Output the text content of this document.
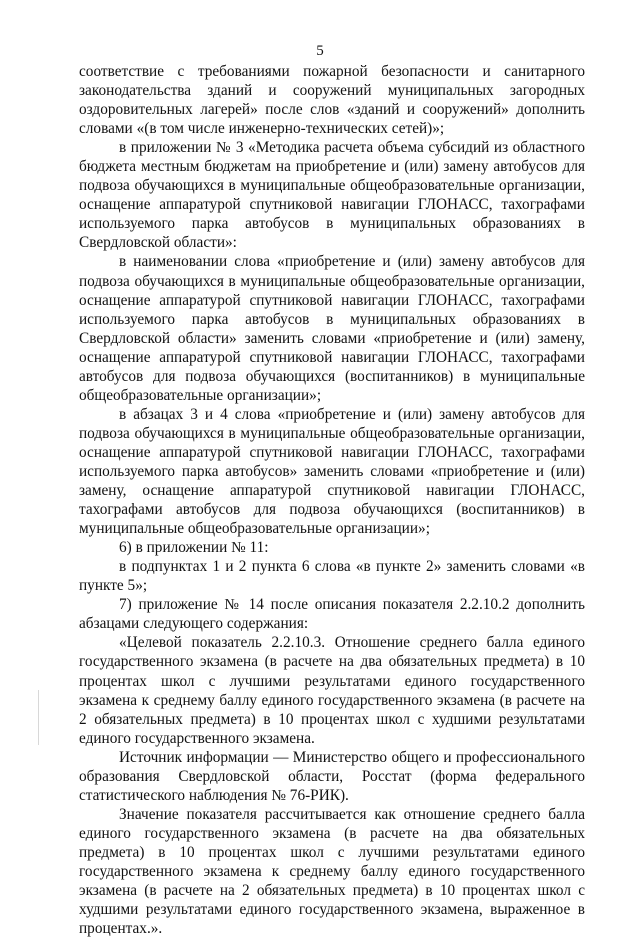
5

соответствие с требованиями пожарной безопасности и санитарного законодательства зданий и сооружений муниципальных загородных оздоровительных лагерей» после слов «зданий и сооружений» дополнить словами «(в том числе инженерно-технических сетей)»;

в приложении № 3 «Методика расчета объема субсидий из областного бюджета местным бюджетам на приобретение и (или) замену автобусов для подвоза обучающихся в муниципальные общеобразовательные организации, оснащение аппаратурой спутниковой навигации ГЛОНАСС, тахографами используемого парка автобусов в муниципальных образованиях в Свердловской области»:

в наименовании слова «приобретение и (или) замену автобусов для подвоза обучающихся в муниципальные общеобразовательные организации, оснащение аппаратурой спутниковой навигации ГЛОНАСС, тахографами используемого парка автобусов в муниципальных образованиях в Свердловской области» заменить словами «приобретение и (или) замену, оснащение аппаратурой спутниковой навигации ГЛОНАСС, тахографами автобусов для подвоза обучающихся (воспитанников) в муниципальные общеобразовательные организации»;

в абзацах 3 и 4 слова «приобретение и (или) замену автобусов для подвоза обучающихся в муниципальные общеобразовательные организации, оснащение аппаратурой спутниковой навигации ГЛОНАСС, тахографами используемого парка автобусов» заменить словами «приобретение и (или) замену, оснащение аппаратурой спутниковой навигации ГЛОНАСС, тахографами автобусов для подвоза обучающихся (воспитанников) в муниципальные общеобразовательные организации»;

6) в приложении № 11:

в подпунктах 1 и 2 пункта 6 слова «в пункте 2» заменить словами «в пункте 5»;

7) приложение № 14 после описания показателя 2.2.10.2 дополнить абзацами следующего содержания:

«Целевой показатель 2.2.10.3. Отношение среднего балла единого государственного экзамена (в расчете на два обязательных предмета) в 10 процентах школ с лучшими результатами единого государственного экзамена к среднему баллу единого государственного экзамена (в расчете на 2 обязательных предмета) в 10 процентах школ с худшими результатами единого государственного экзамена.

Источник информации — Министерство общего и профессионального образования Свердловской области, Росстат (форма федерального статистического наблюдения № 76-РИК).

Значение показателя рассчитывается как отношение среднего балла единого государственного экзамена (в расчете на два обязательных предмета) в 10 процентах школ с лучшими результатами единого государственного экзамена к среднему баллу единого государственного экзамена (в расчете на 2 обязательных предмета) в 10 процентах школ с худшими результатами единого государственного экзамена, выраженное в процентах.».
